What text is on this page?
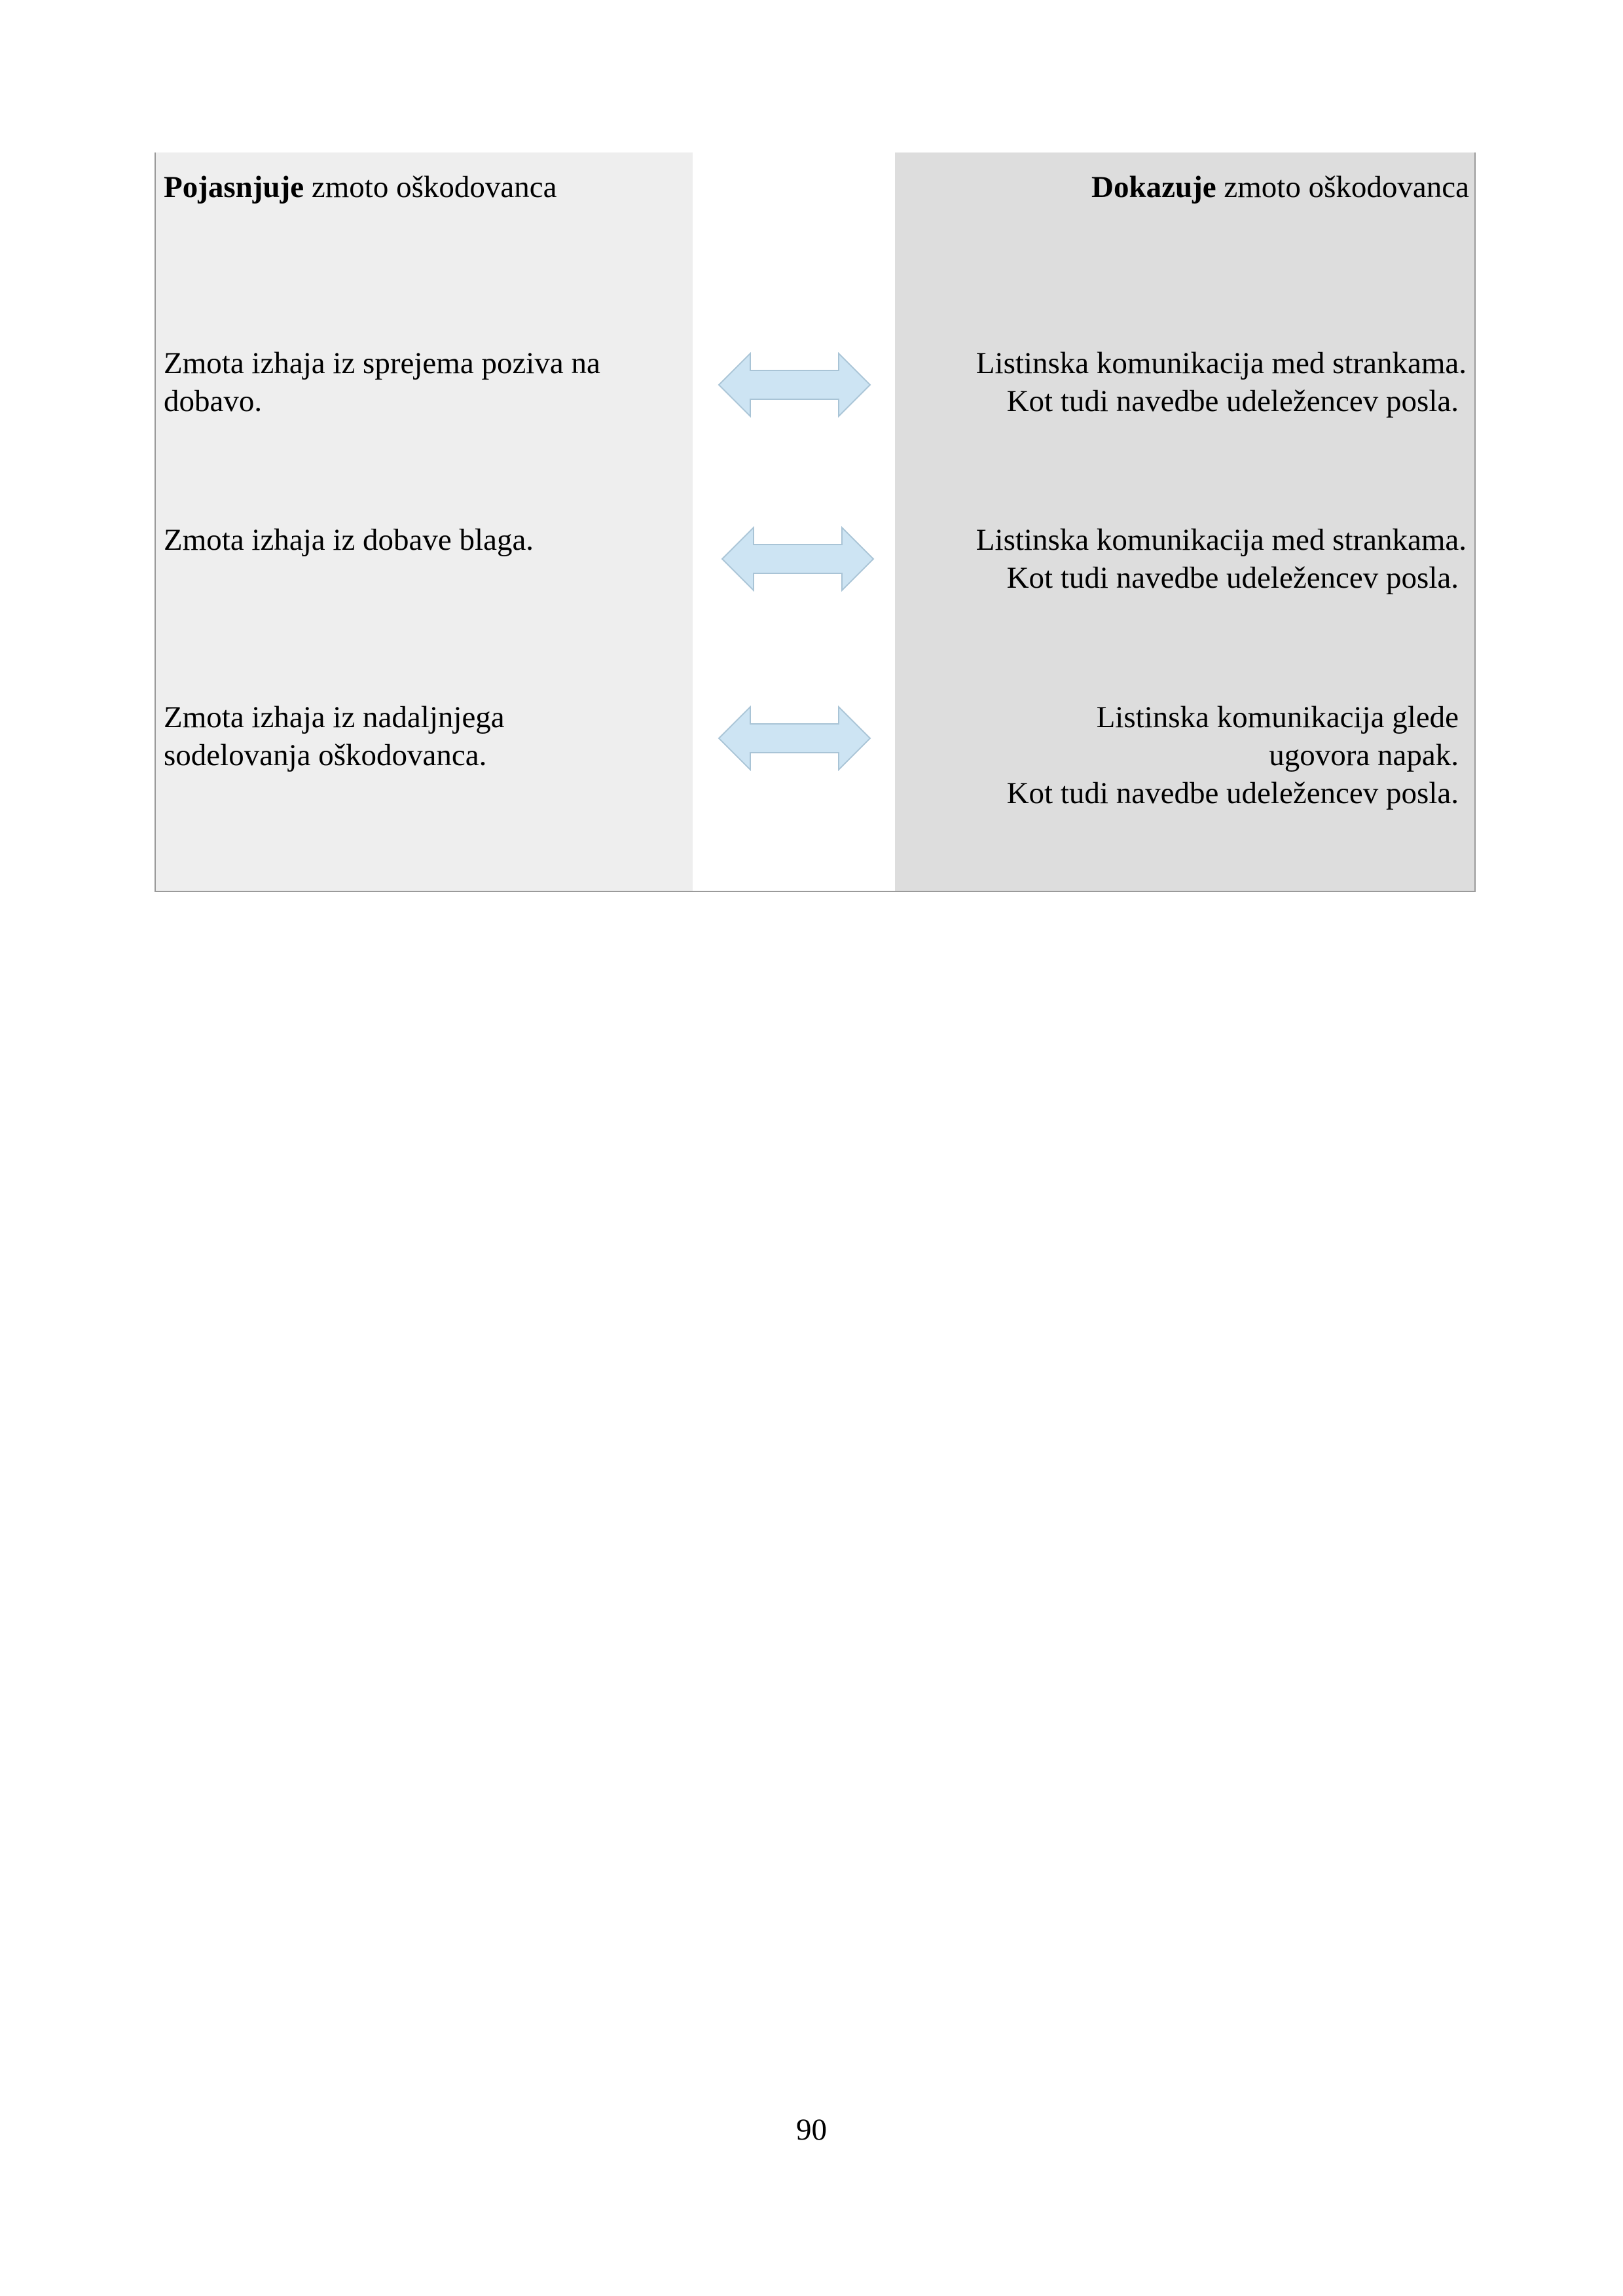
Pojasnjuje zmoto oškodovanca
Zmota izhaja iz sprejema poziva na
dobavo.
Zmota izhaja iz dobave blaga.
Zmota izhaja iz nadaljnjega
sodelovanja oškodovanca.
Dokazuje zmoto oškodovanca
Listinska komunikacija med strankama.
Kot tudi navedbe udeležencev posla.
Listinska komunikacija med strankama.
Kot tudi navedbe udeležencev posla.
Listinska komunikacija glede
ugovora napak.
Kot tudi navedbe udeležencev posla.
90
